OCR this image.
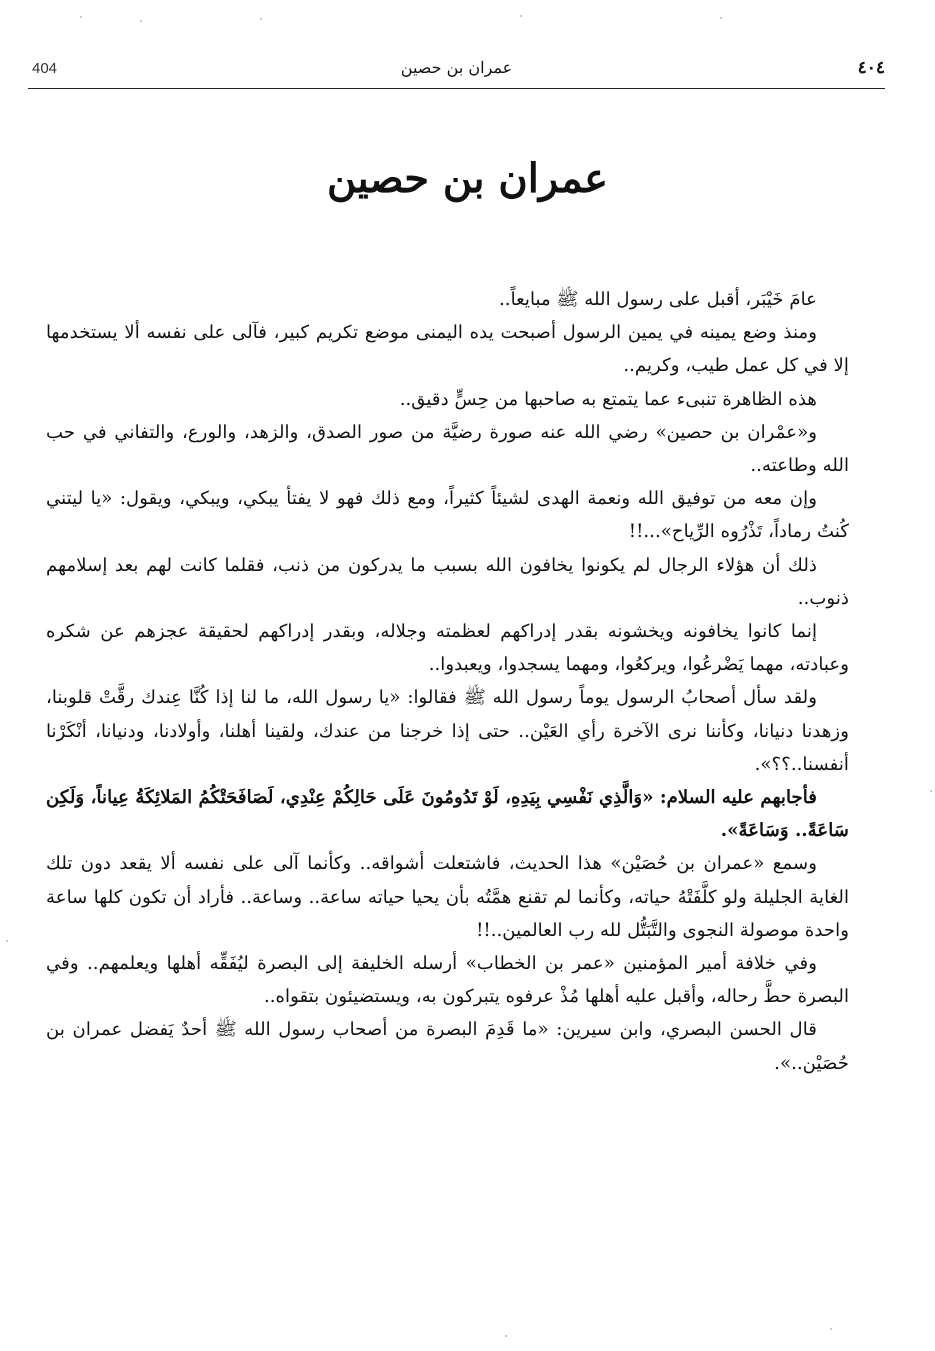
404	عمران بن حصين	٤٠٤
عمران بن حصين

عامَ خَيْبَر، أقبل على رسول الله ﷺ مبايعاً..

ومنذ وضع يمينه في يمين الرسول أصبحت يده اليمنى موضع تكريم كبير، فآلى على نفسه ألا يستخدمها إلا في كل عمل طيب، وكريم..

هذه الظاهرة تنبىء عما يتمتع به صاحبها من حِسٍّ دقيق..

و«عمْران بن حصين» رضي الله عنه صورة رضيَّة من صور الصدق، والزهد، والورع، والتفاني في حب الله وطاعته..

وإن معه من توفيق الله ونعمة الهدى لشيئاً كثيراً، ومع ذلك فهو لا يفتأ يبكي، ويبكي، ويقول: «يا ليتني كُنتُ رماداً، تَذْرُوه الرِّياح»...!!

ذلك أن هؤلاء الرجال لم يكونوا يخافون الله بسبب ما يدركون من ذنب، فقلما كانت لهم بعد إسلامهم ذنوب..

إنما كانوا يخافونه ويخشونه بقدر إدراكهم لعظمته وجلاله، وبقدر إدراكهم لحقيقة عجزهم عن شكره وعبادته، مهما يَضْرعُوا، ويركعُوا، ومهما يسجدوا، ويعبدوا..

ولقد سأل أصحابُ الرسول يوماً رسول الله ﷺ فقالوا: «يا رسول الله، ما لنا إذا كُنَّا عِندك رقَّتْ قلوبنا، وزهدنا دنيانا، وكأننا نرى الآخرة رأي العَيْن.. حتى إذا خرجنا من عندك، ولقينا أهلنا، وأولادنا، ودنيانا، أنْكَرْنا أنفسنا..؟؟».

فأجابهم عليه السلام: «وَالَّذِي نَفْسِي بِيَدِهِ، لَوْ تَدُومُونَ عَلَى حَالِكُمْ عِنْدِي، لَصَافَحَتْكُمُ المَلائِكَةُ عِياناً، وَلَكِن سَاعَةً.. وَسَاعَةً».

وسمع «عمران بن حُصَيْن» هذا الحديث، فاشتعلت أشواقه.. وكأنما آلى على نفسه ألا يقعد دون تلك الغاية الجليلة ولو كلَّفَتْهُ حياته، وكأنما لم تقنع همَّتُه بأن يحيا حياته ساعة.. وساعة.. فأراد أن تكون كلها ساعة واحدة موصولة النجوى والتَّبَتُّل لله رب العالمين..!!

وفي خلافة أمير المؤمنين «عمر بن الخطاب» أرسله الخليفة إلى البصرة ليُفَقِّه أهلها ويعلمهم.. وفي البصرة حطَّ رحاله، وأقبل عليه أهلها مُذْ عرفوه يتبركون به، ويستضيئون بتقواه..

قال الحسن البصري، وابن سيرين: «ما قَدِمَ البصرة من أصحاب رسول الله ﷺ أحدٌ يَفضل عمران بن حُصَيْن..».
